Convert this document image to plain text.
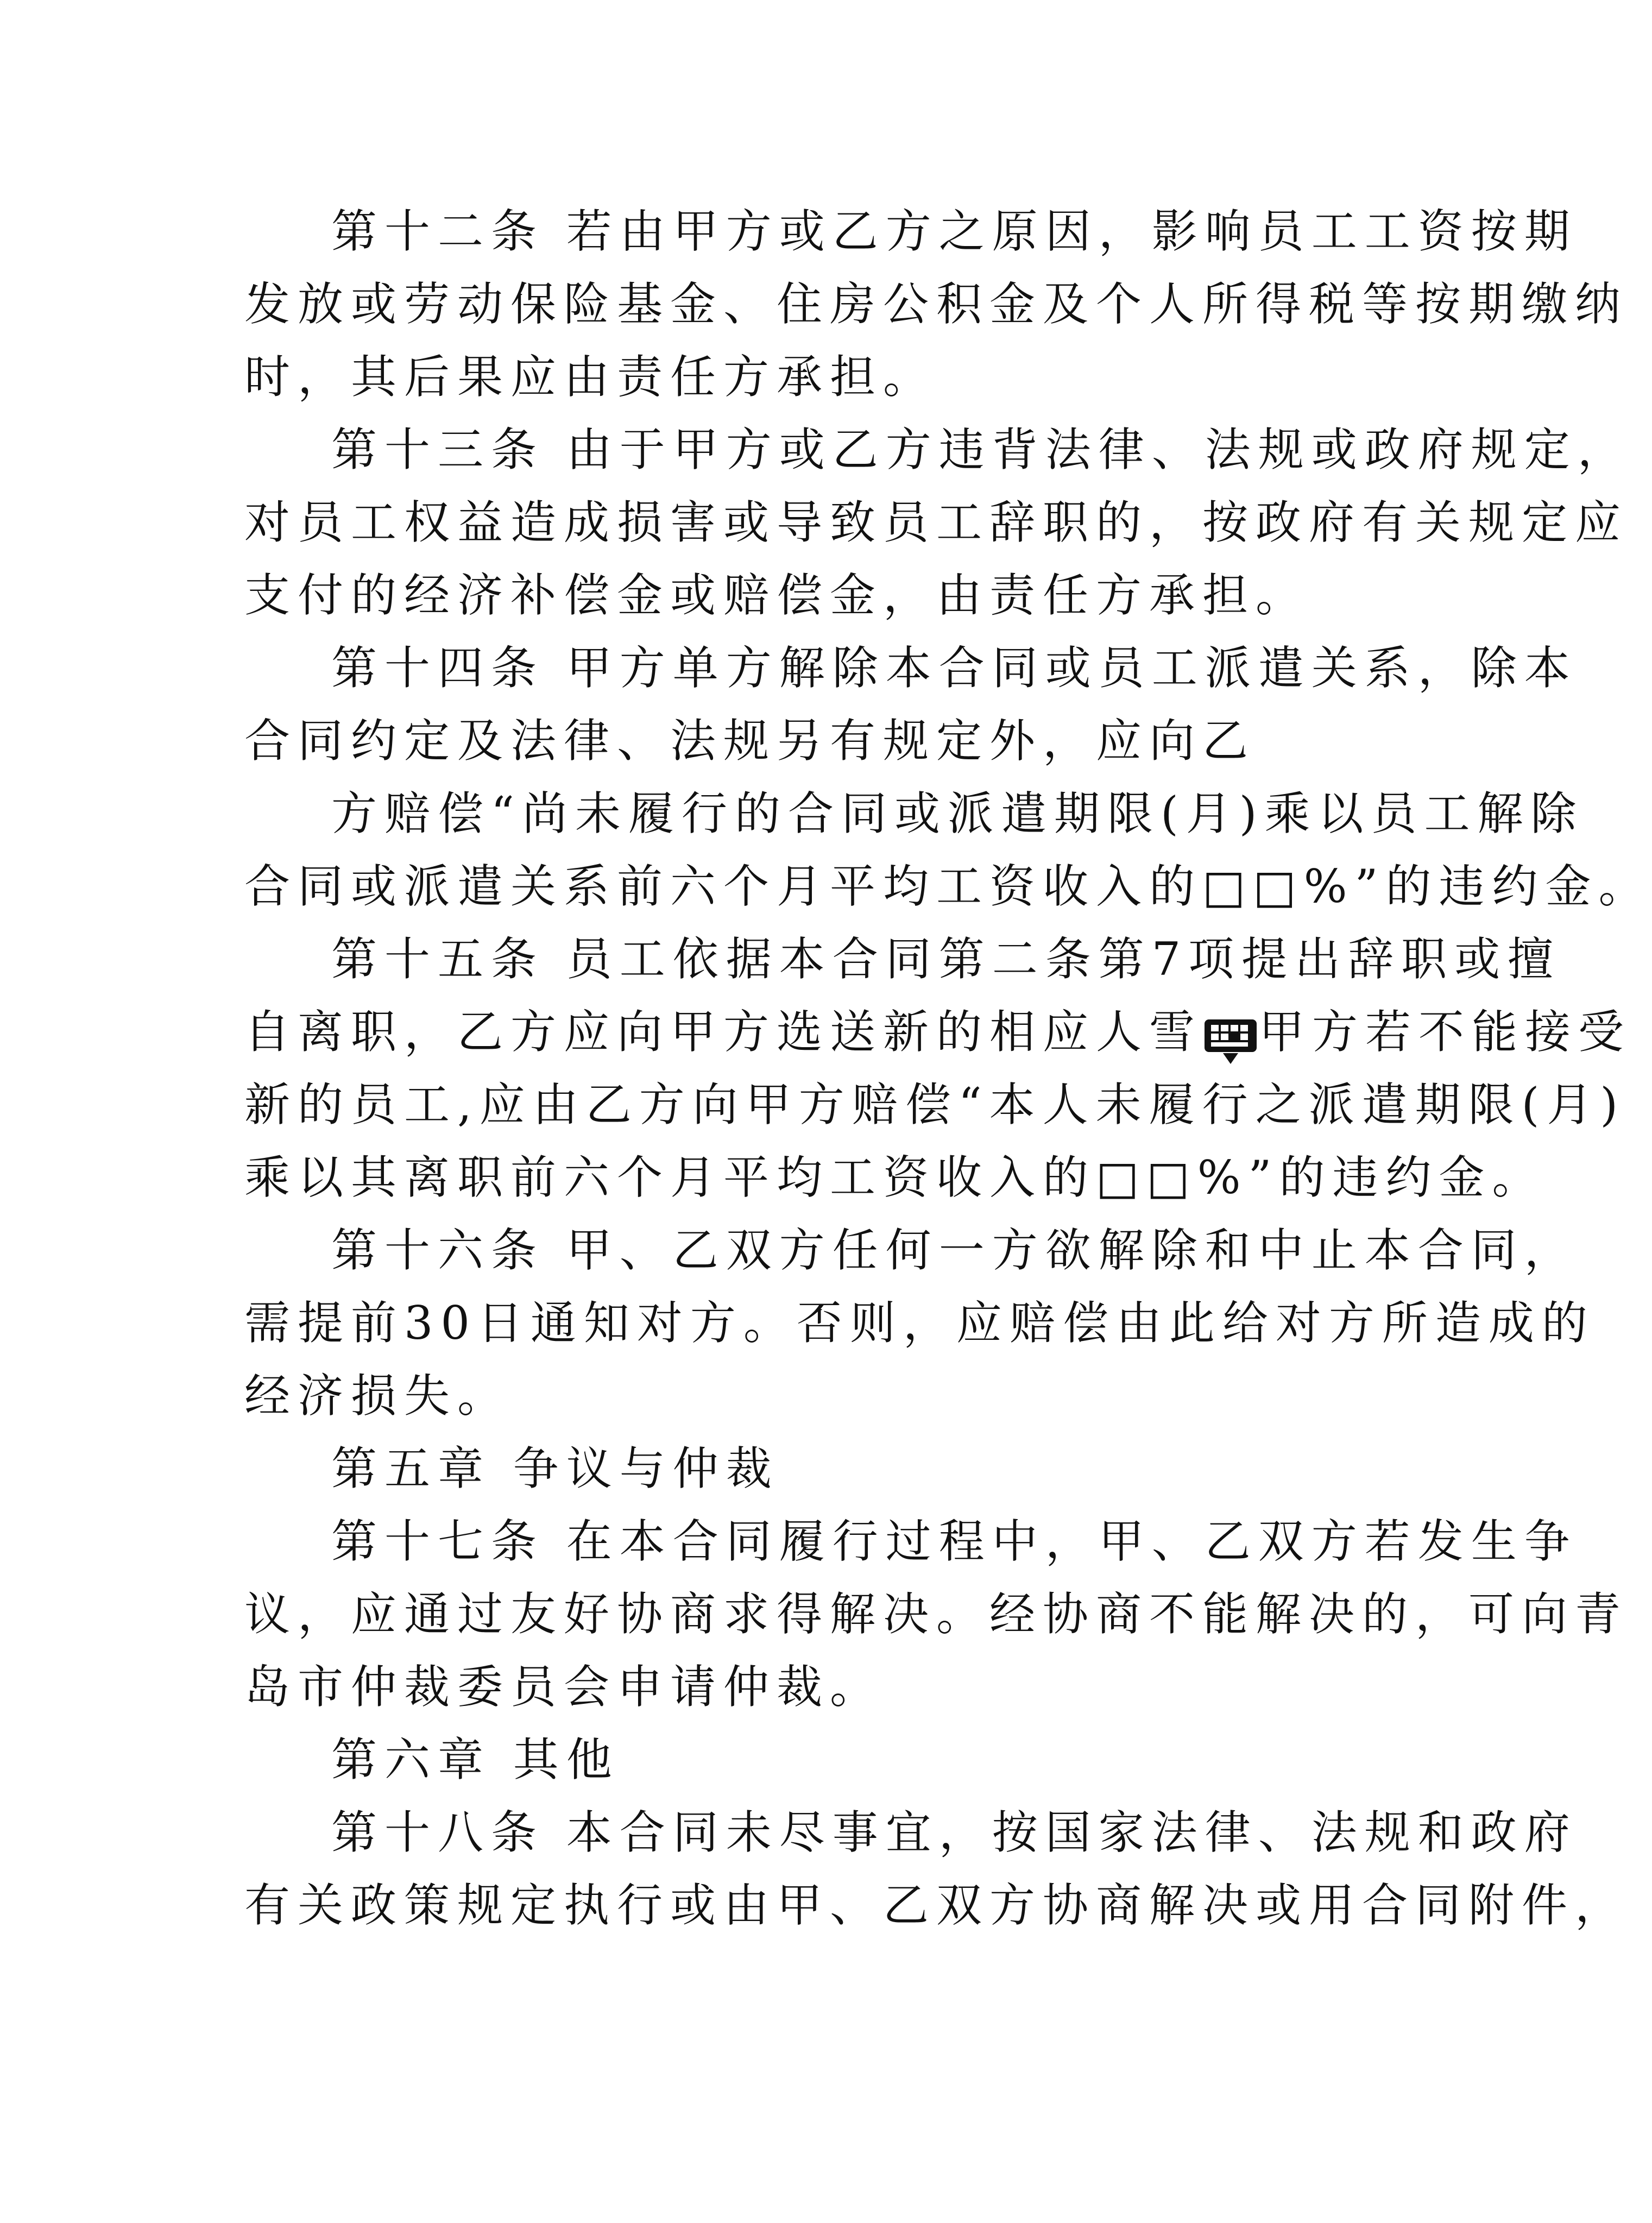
第十二条 若由甲方或乙方之原因，影响员工工资按期
发放或劳动保险基金、住房公积金及个人所得税等按期缴纳
时，其后果应由责任方承担。
第十三条 由于甲方或乙方违背法律、法规或政府规定，
对员工权益造成损害或导致员工辞职的，按政府有关规定应
支付的经济补偿金或赔偿金，由责任方承担。
第十四条 甲方单方解除本合同或员工派遣关系，除本
合同约定及法律、法规另有规定外，应向乙
方赔偿“尚未履行的合同或派遣期限(月)乘以员工解除
合同或派遣关系前六个月平均工资收入的□□%”的违约金。
第十五条 员工依据本合同第二条第7项提出辞职或擅
自离职，乙方应向甲方选送新的相应人雪 甲方若不能接受
新的员工,应由乙方向甲方赔偿“本人未履行之派遣期限(月)
乘以其离职前六个月平均工资收入的□□%”的违约金。
第十六条 甲、乙双方任何一方欲解除和中止本合同，
需提前30日通知对方。否则，应赔偿由此给对方所造成的
经济损失。
第五章 争议与仲裁
第十七条 在本合同履行过程中，甲、乙双方若发生争
议，应通过友好协商求得解决。经协商不能解决的，可向青
岛市仲裁委员会申请仲裁。
第六章 其他
第十八条 本合同未尽事宜，按国家法律、法规和政府
有关政策规定执行或由甲、乙双方协商解决或用合同附件，
